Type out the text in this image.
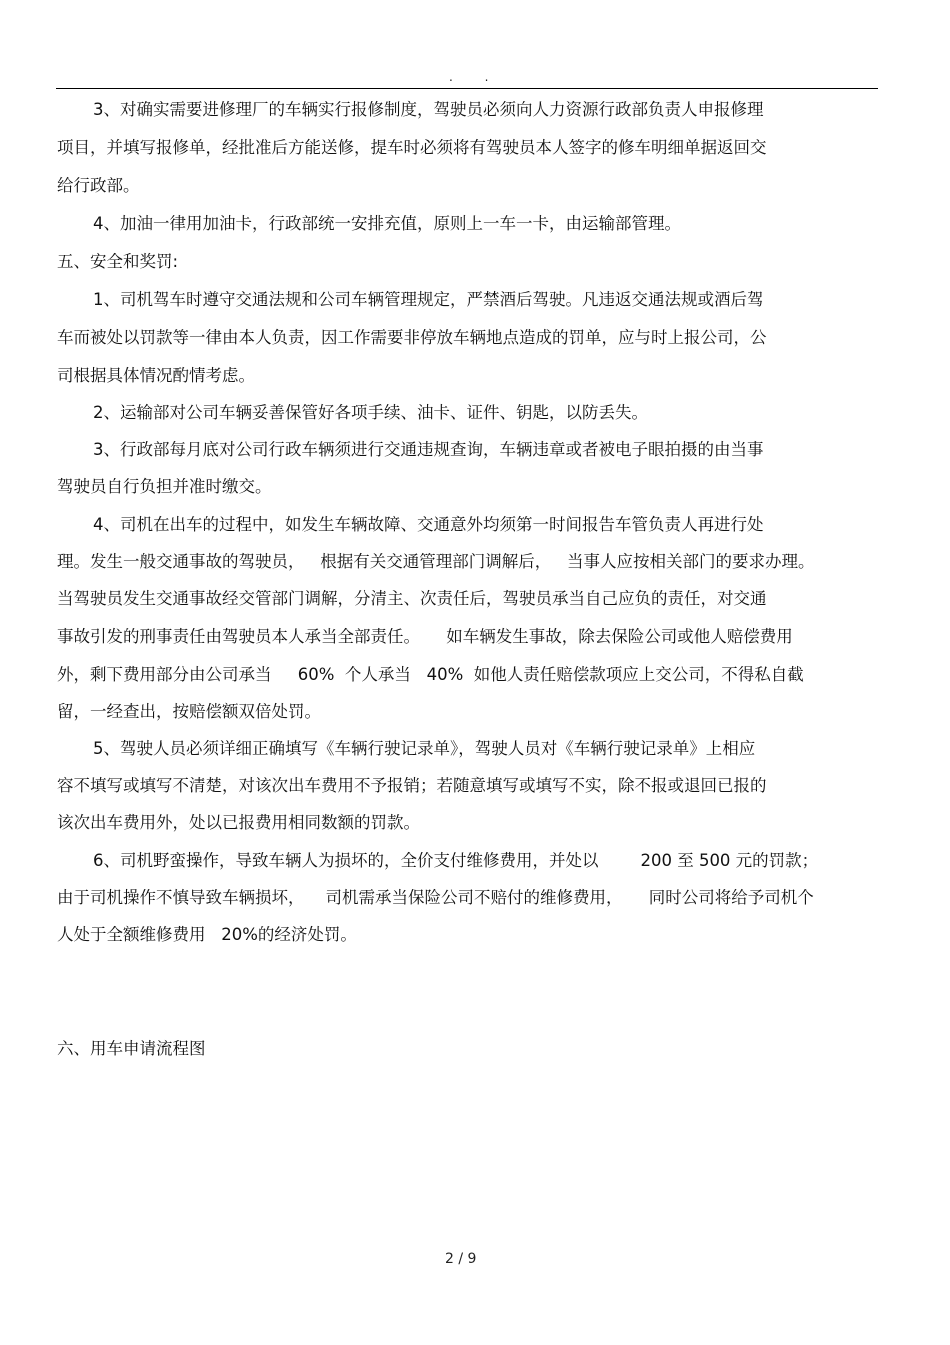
. .
3、对确实需要进修理厂的车辆实行报修制度，驾驶员必须向人力资源行政部负责人申报修理
项目，并填写报修单，经批准后方能送修，提车时必须将有驾驶员本人签字的修车明细单据返回交
给行政部。
4、加油一律用加油卡，行政部统一安排充值，原则上一车一卡，由运输部管理。
五、安全和奖罚:
1、司机驾车时遵守交通法规和公司车辆管理规定，严禁酒后驾驶。凡违返交通法规或酒后驾
车而被处以罚款等一律由本人负责，因工作需要非停放车辆地点造成的罚单，应与时上报公司，公
司根据具体情况酌情考虑。
2、运输部对公司车辆妥善保管好各项手续、油卡、证件、钥匙，以防丢失。
3、行政部每月底对公司行政车辆须进行交通违规查询，车辆违章或者被电子眼拍摄的由当事
驾驶员自行负担并准时缴交。
4、司机在出车的过程中，如发生车辆故障、交通意外均须第一时间报告车管负责人再进行处
理。发生一般交通事故的驾驶员，   根据有关交通管理部门调解后，   当事人应按相关部门的要求办理。
当驾驶员发生交通事故经交管部门调解，分清主、次责任后，驾驶员承当自己应负的责任，对交通
事故引发的刑事责任由驾驶员本人承当全部责任。     如车辆发生事故，除去保险公司或他人赔偿费用
外，剩下费用部分由公司承当     60%  个人承当   40%  如他人责任赔偿款项应上交公司，不得私自截
留，一经查出，按赔偿额双倍处罚。
5、驾驶人员必须详细正确填写《车辆行驶记录单》，驾驶人员对《车辆行驶记录单》上相应
容不填写或填写不清楚，对该次出车费用不予报销；若随意填写或填写不实，除不报或退回已报的
该次出车费用外，处以已报费用相同数额的罚款。
6、司机野蛮操作，导致车辆人为损坏的，全价支付维修费用，并处以        200 至 500 元的罚款；
由于司机操作不慎导致车辆损坏，    司机需承当保险公司不赔付的维修费用，     同时公司将给予司机个
人处于全额维修费用   20%的经济处罚。
六、用车申请流程图
2 / 9
